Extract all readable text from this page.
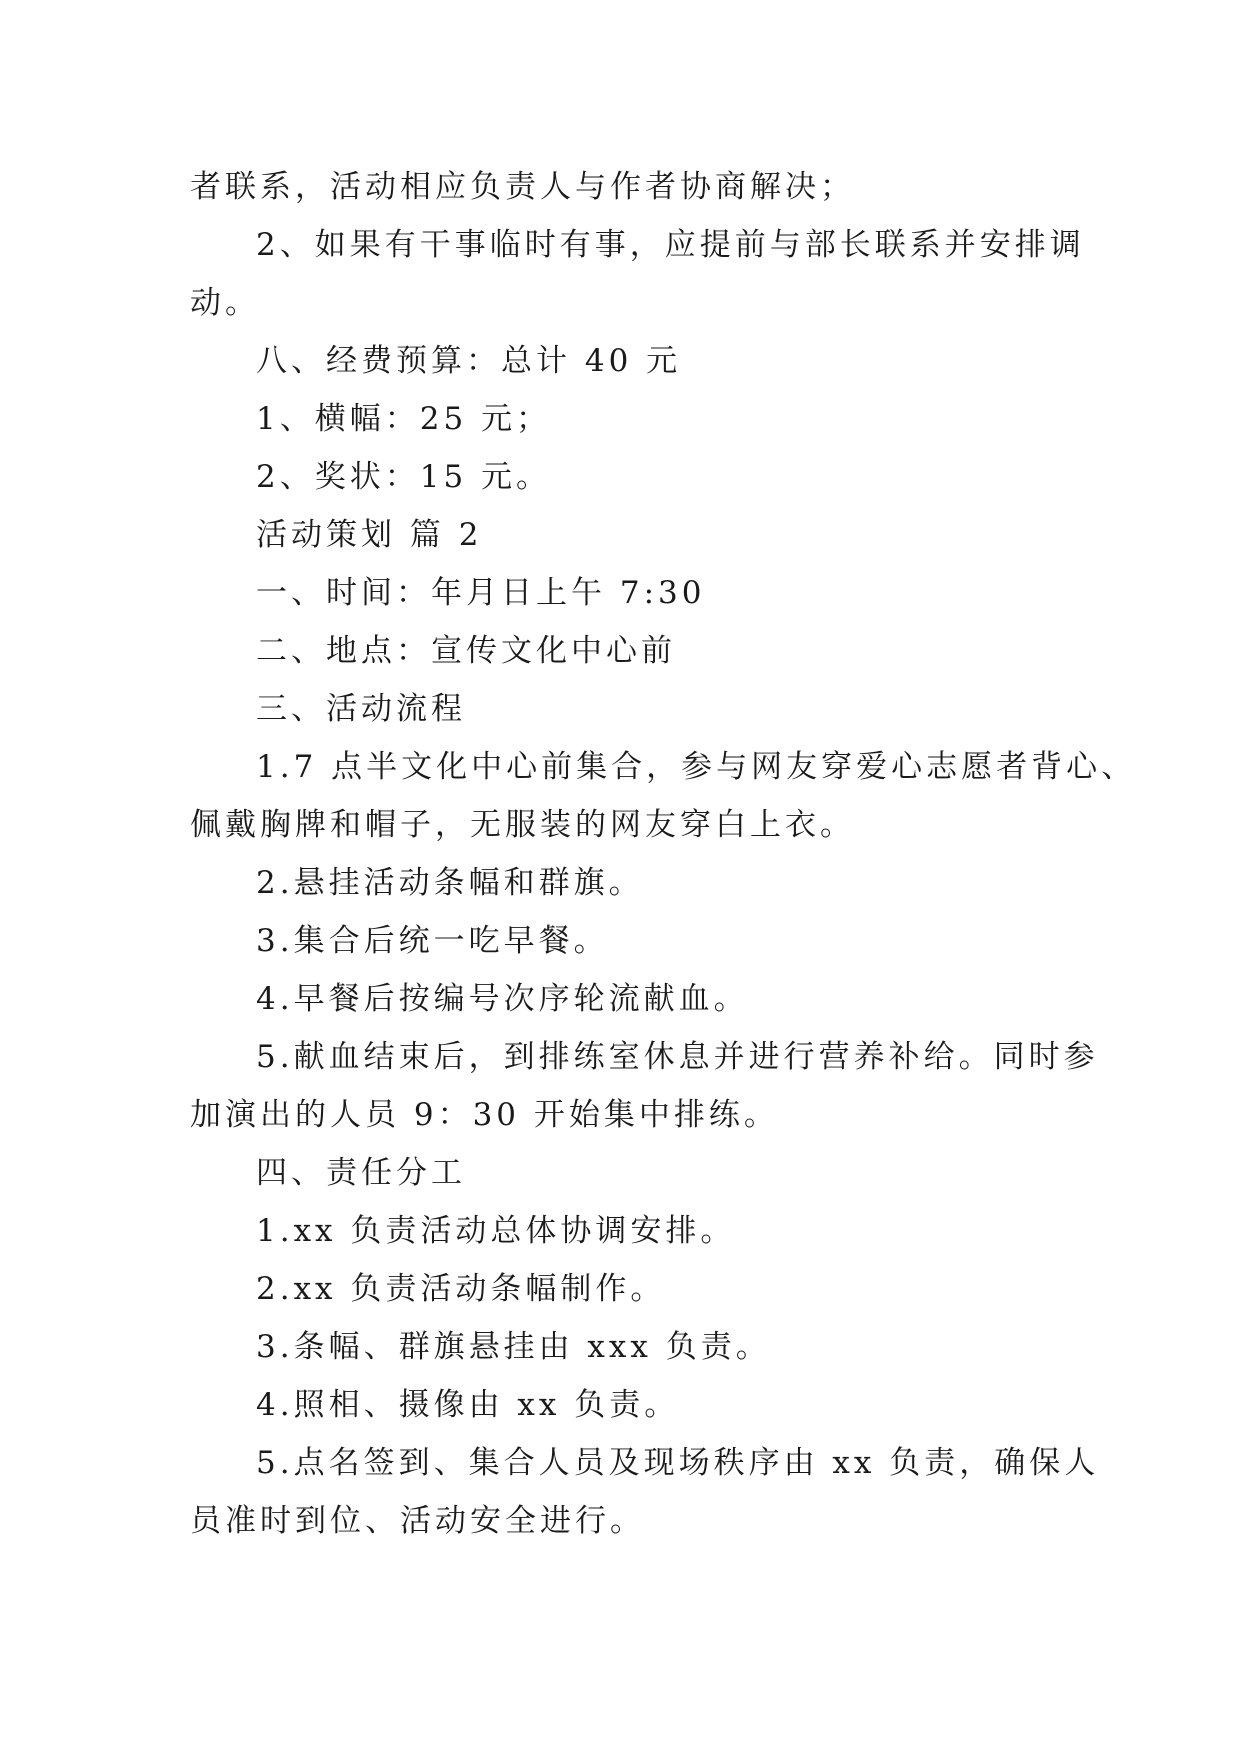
者联系，活动相应负责人与作者协商解决；

2、如果有干事临时有事，应提前与部长联系并安排调

动。

八、经费预算：总计 40 元

1、横幅：25 元；

2、奖状：15 元。

活动策划 篇 2

一、时间：年月日上午 7:30

二、地点：宣传文化中心前

三、活动流程

1.7 点半文化中心前集合，参与网友穿爱心志愿者背心、

佩戴胸牌和帽子，无服装的网友穿白上衣。

2.悬挂活动条幅和群旗。

3.集合后统一吃早餐。

4.早餐后按编号次序轮流献血。

5.献血结束后，到排练室休息并进行营养补给。同时参

加演出的人员 9：30 开始集中排练。

四、责任分工

1.xx 负责活动总体协调安排。

2.xx 负责活动条幅制作。

3.条幅、群旗悬挂由 xxx 负责。

4.照相、摄像由 xx 负责。

5.点名签到、集合人员及现场秩序由 xx 负责，确保人

员准时到位、活动安全进行。
